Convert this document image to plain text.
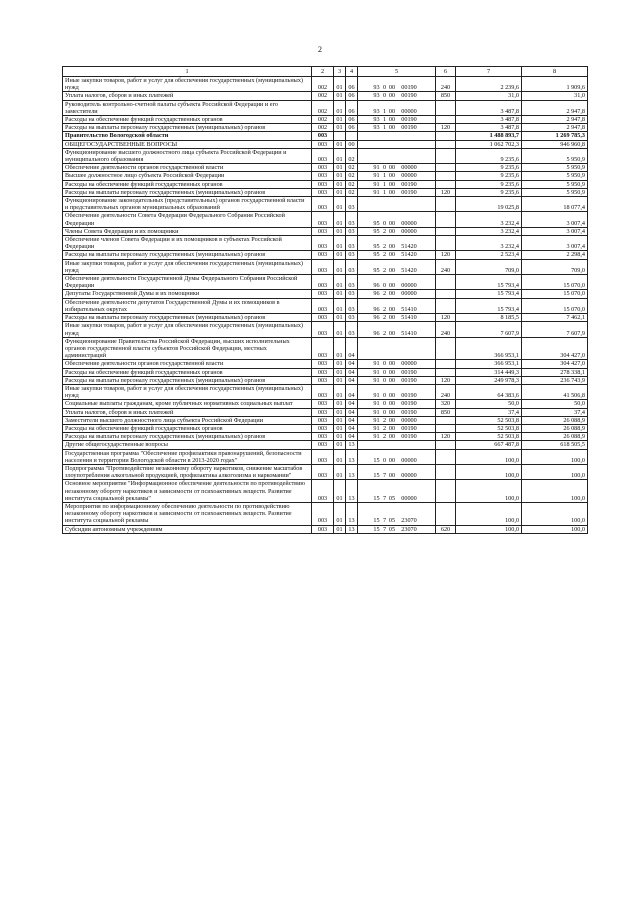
2
1	2	3	4	5	6	7	8
Иные закупки товаров, работ и услуг для обеспечения государственных (муниципальных) нужд	002	01	06	93 0 00 00190	240	2 239,6	1 909,6
Уплата налогов, сборов и иных платежей	002	01	06	93 0 00 00190	850	31,0	31,0
Руководитель контрольно-счетной палаты субъекта Российской Федерации и его заместители	002	01	06	93 1 00 00000		3 487,8	2 947,8
Расходы на обеспечение функций государственных органов	002	01	06	93 1 00 00190		3 487,8	2 947,8
Расходы на выплаты персоналу государственных (муниципальных) органов	002	01	06	93 1 00 00190	120	3 487,8	2 947,8
Правительство Вологодской области	003					1 488 893,7	1 269 785,3
ОБЩЕГОСУДАРСТВЕННЫЕ ВОПРОСЫ	003	01	00			1 062 702,3	946 960,8
Функционирование высшего должностного лица субъекта Российской Федерации и муниципального образования	003	01	02			9 235,6	5 950,9
Обеспечение деятельности органов государственной власти	003	01	02	91 0 00 00000		9 235,6	5 950,9
Высшее должностное лицо субъекта Российской Федерации	003	01	02	91 1 00 00000		9 235,6	5 950,9
Расходы на обеспечение функций государственных органов	003	01	02	91 1 00 00190		9 235,6	5 950,9
Расходы на выплаты персоналу государственных (муниципальных) органов	003	01	02	91 1 00 00190	120	9 235,6	5 950,9
Функционирование законодательных (представительных) органов государственной власти и представительных органов муниципальных образований	003	01	03			19 025,8	18 077,4
Обеспечение деятельности Совета Федерации Федерального Собрания Российской Федерации	003	01	03	95 0 00 00000		3 232,4	3 007,4
Члены Совета Федерации и их помощники	003	01	03	95 2 00 00000		3 232,4	3 007,4
Обеспечение членов Совета Федерации и их помощников в субъектах Российской Федерации	003	01	03	95 2 00 51420		3 232,4	3 007,4
Расходы на выплаты персоналу государственных (муниципальных) органов	003	01	03	95 2 00 51420	120	2 523,4	2 298,4
Иные закупки товаров, работ и услуг для обеспечения государственных (муниципальных) нужд	003	01	03	95 2 00 51420	240	709,0	709,0
Обеспечение деятельности Государственной Думы Федерального Собрания Российской Федерации	003	01	03	96 0 00 00000		15 793,4	15 070,0
Депутаты Государственной Думы и их помощники	003	01	03	96 2 00 00000		15 793,4	15 070,0
Обеспечение деятельности депутатов Государственной Думы и их помощников в избирательных округах	003	01	03	96 2 00 51410		15 793,4	15 070,0
Расходы на выплаты персоналу государственных (муниципальных) органов	003	01	03	96 2 00 51410	120	8 185,5	7 462,1
Иные закупки товаров, работ и услуг для обеспечения государственных (муниципальных) нужд	003	01	03	96 2 00 51410	240	7 607,9	7 607,9
Функционирование Правительства Российской Федерации, высших исполнительных органов государственной власти субъектов Российской Федерации, местных администраций	003	01	04			366 953,1	304 427,0
Обеспечение деятельности органов государственной власти	003	01	04	91 0 00 00000		366 953,1	304 427,0
Расходы на обеспечение функций государственных органов	003	01	04	91 0 00 00190		314 449,3	278 338,1
Расходы на выплаты персоналу государственных (муниципальных) органов	003	01	04	91 0 00 00190	120	249 978,3	236 743,9
Иные закупки товаров, работ и услуг для обеспечения государственных (муниципальных) нужд	003	01	04	91 0 00 00190	240	64 383,6	41 506,8
Социальные выплаты гражданам, кроме публичных нормативных социальных выплат	003	01	04	91 0 00 00190	320	50,0	50,0
Уплата налогов, сборов и иных платежей	003	01	04	91 0 00 00190	850	37,4	37,4
Заместители высшего должностного лица субъекта Российской Федерации	003	01	04	91 2 00 00000		52 503,8	26 088,9
Расходы на обеспечение функций государственных органов	003	01	04	91 2 00 00190		52 503,8	26 088,9
Расходы на выплаты персоналу государственных (муниципальных) органов	003	01	04	91 2 00 00190	120	52 503,8	26 088,9
Другие общегосударственные вопросы	003	01	13			667 487,8	618 505,5
Государственная программа "Обеспечение профилактики правонарушений, безопасности населения и территории Вологодской области в 2013-2020 годах"	003	01	13	15 0 00 00000		100,0	100,0
Подпрограмма "Противодействие незаконному обороту наркотиков, снижение масштабов злоупотребления алкогольной продукцией, профилактика алкоголизма и наркомании"	003	01	13	15 7 00 00000		100,0	100,0
Основное мероприятие "Информационное обеспечение деятельности по противодействию незаконному обороту наркотиков и зависимости от психоактивных веществ. Развитие института социальной рекламы"	003	01	13	15 7 05 00000		100,0	100,0
Мероприятия по информационному обеспечению деятельности по противодействию незаконному обороту наркотиков и зависимости от психоактивных веществ. Развитие института социальной рекламы	003	01	13	15 7 05 23070		100,0	100,0
Субсидии автономным учреждениям	003	01	13	15 7 05 23070	620	100,0	100,0
